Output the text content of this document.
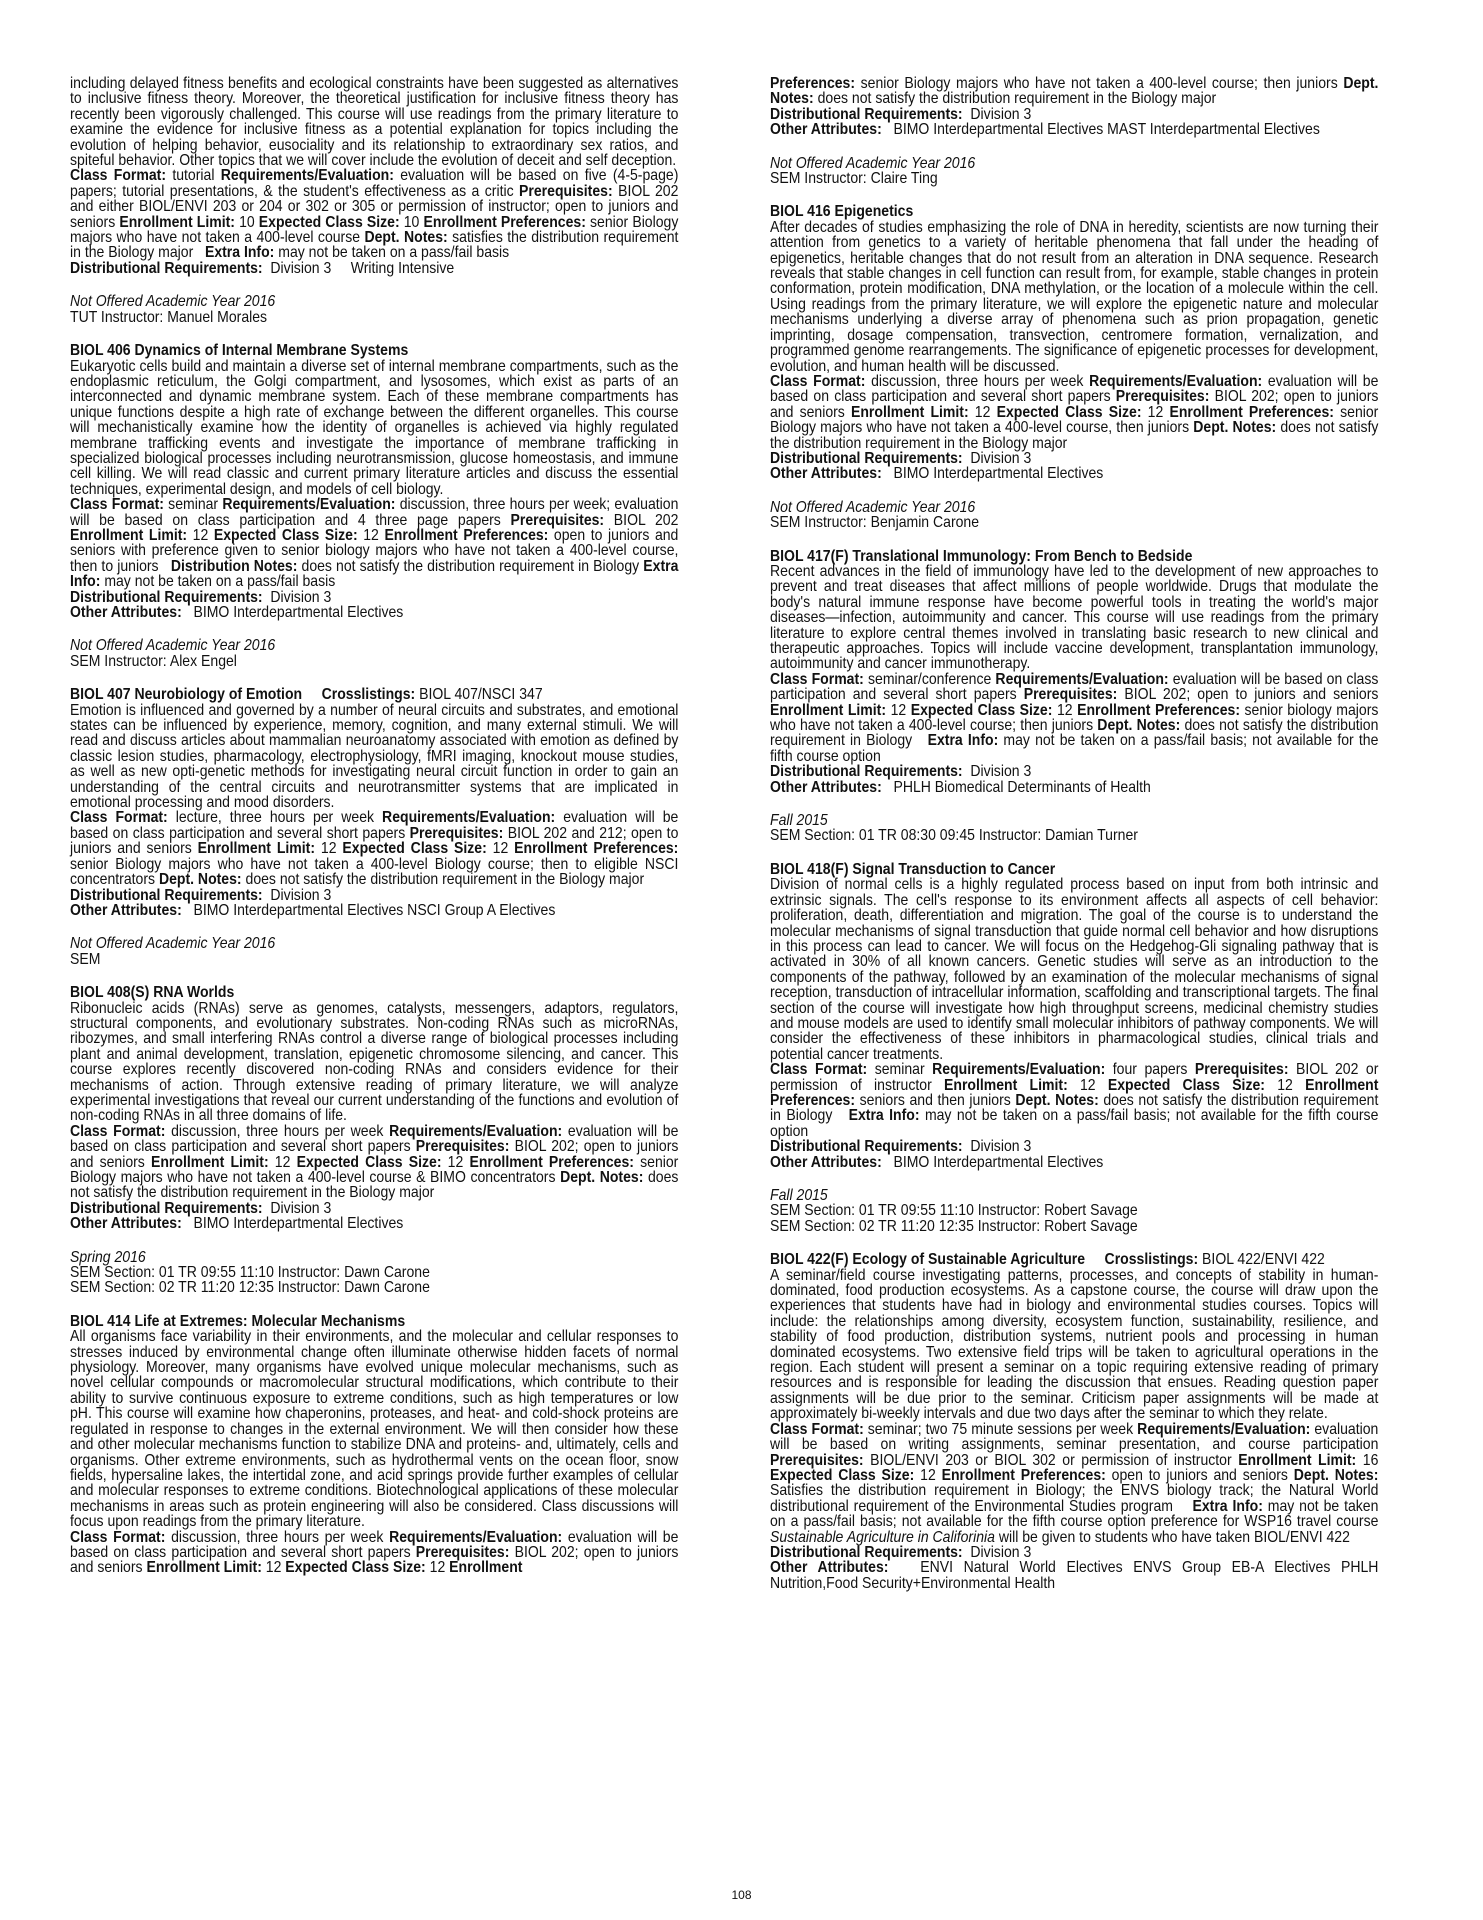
including delayed fitness benefits and ecological constraints have been suggested as alternatives to inclusive fitness theory. Moreover, the theoretical justification for inclusive fitness theory has recently been vigorously challenged. This course will use readings from the primary literature to examine the evidence for inclusive fitness as a potential explanation for topics including the evolution of helping behavior, eusociality and its relationship to extraordinary sex ratios, and spiteful behavior. Other topics that we will cover include the evolution of deceit and self deception.

Class Format: tutorial Requirements/Evaluation: evaluation will be based on five (4-5-page) papers; tutorial presentations, & the student's effectiveness as a critic Prerequisites: BIOL 202 and either BIOL/ENVI 203 or 204 or 302 or 305 or permission of instructor; open to juniors and seniors Enrollment Limit: 10 Expected Class Size: 10 Enrollment Preferences: senior Biology majors who have not taken a 400-level course Dept. Notes: satisfies the distribution requirement in the Biology major Extra Info: may not be taken on a pass/fail basis

Distributional Requirements: Division 3     Writing Intensive

Not Offered Academic Year 2016

TUT Instructor: Manuel Morales

BIOL 406 Dynamics of Internal Membrane Systems

Eukaryotic cells build and maintain a diverse set of internal membrane compartments, such as the endoplasmic reticulum, the Golgi compartment, and lysosomes, which exist as parts of an interconnected and dynamic membrane system. Each of these membrane compartments has unique functions despite a high rate of exchange between the different organelles. This course will mechanistically examine how the identity of organelles is achieved via highly regulated membrane trafficking events and investigate the importance of membrane trafficking in specialized biological processes including neurotransmission, glucose homeostasis, and immune cell killing. We will read classic and current primary literature articles and discuss the essential techniques, experimental design, and models of cell biology.

Class Format: seminar Requirements/Evaluation: discussion, three hours per week; evaluation will be based on class participation and 4 three page papers Prerequisites: BIOL 202 Enrollment Limit: 12 Expected Class Size: 12 Enrollment Preferences: open to juniors and seniors with preference given to senior biology majors who have not taken a 400-level course, then to juniors Distribution Notes: does not satisfy the distribution requirement in Biology Extra Info: may not be taken on a pass/fail basis

Distributional Requirements: Division 3

Other Attributes: BIMO Interdepartmental Electives

Not Offered Academic Year 2016

SEM Instructor: Alex Engel

BIOL 407 Neurobiology of Emotion Crosslistings: BIOL 407/NSCI 347

Emotion is influenced and governed by a number of neural circuits and substrates, and emotional states can be influenced by experience, memory, cognition, and many external stimuli. We will read and discuss articles about mammalian neuroanatomy associated with emotion as defined by classic lesion studies, pharmacology, electrophysiology, fMRI imaging, knockout mouse studies, as well as new opti-genetic methods for investigating neural circuit function in order to gain an understanding of the central circuits and neurotransmitter systems that are implicated in emotional processing and mood disorders.

Class Format: lecture, three hours per week Requirements/Evaluation: evaluation will be based on class participation and several short papers Prerequisites: BIOL 202 and 212; open to juniors and seniors Enrollment Limit: 12 Expected Class Size: 12 Enrollment Preferences: senior Biology majors who have not taken a 400-level Biology course; then to eligible NSCI concentrators Dept. Notes: does not satisfy the distribution requirement in the Biology major

Distributional Requirements: Division 3

Other Attributes: BIMO Interdepartmental Electives NSCI Group A Electives

Not Offered Academic Year 2016

SEM

BIOL 408(S) RNA Worlds

Ribonucleic acids (RNAs) serve as genomes, catalysts, messengers, adaptors, regulators, structural components, and evolutionary substrates. Non-coding RNAs such as microRNAs, ribozymes, and small interfering RNAs control a diverse range of biological processes including plant and animal development, translation, epigenetic chromosome silencing, and cancer. This course explores recently discovered non-coding RNAs and considers evidence for their mechanisms of action. Through extensive reading of primary literature, we will analyze experimental investigations that reveal our current understanding of the functions and evolution of non-coding RNAs in all three domains of life.

Class Format: discussion, three hours per week Requirements/Evaluation: evaluation will be based on class participation and several short papers Prerequisites: BIOL 202; open to juniors and seniors Enrollment Limit: 12 Expected Class Size: 12 Enrollment Preferences: senior Biology majors who have not taken a 400-level course & BIMO concentrators Dept. Notes: does not satisfy the distribution requirement in the Biology major

Distributional Requirements: Division 3

Other Attributes: BIMO Interdepartmental Electives

Spring 2016

SEM Section: 01 TR 09:55 11:10 Instructor: Dawn Carone

SEM Section: 02 TR 11:20 12:35 Instructor: Dawn Carone

BIOL 414 Life at Extremes: Molecular Mechanisms

All organisms face variability in their environments, and the molecular and cellular responses to stresses induced by environmental change often illuminate otherwise hidden facets of normal physiology. Moreover, many organisms have evolved unique molecular mechanisms, such as novel cellular compounds or macromolecular structural modifications, which contribute to their ability to survive continuous exposure to extreme conditions, such as high temperatures or low pH. This course will examine how chaperonins, proteases, and heat- and cold-shock proteins are regulated in response to changes in the external environment. We will then consider how these and other molecular mechanisms function to stabilize DNA and proteins- and, ultimately, cells and organisms. Other extreme environments, such as hydrothermal vents on the ocean floor, snow fields, hypersaline lakes, the intertidal zone, and acid springs provide further examples of cellular and molecular responses to extreme conditions. Biotechnological applications of these molecular mechanisms in areas such as protein engineering will also be considered. Class discussions will focus upon readings from the primary literature.

Class Format: discussion, three hours per week Requirements/Evaluation: evaluation will be based on class participation and several short papers Prerequisites: BIOL 202; open to juniors and seniors Enrollment Limit: 12 Expected Class Size: 12 Enrollment

Preferences: senior Biology majors who have not taken a 400-level course; then juniors Dept. Notes: does not satisfy the distribution requirement in the Biology major

Distributional Requirements: Division 3

Other Attributes: BIMO Interdepartmental Electives MAST Interdepartmental Electives

Not Offered Academic Year 2016

SEM Instructor: Claire Ting

BIOL 416 Epigenetics

After decades of studies emphasizing the role of DNA in heredity, scientists are now turning their attention from genetics to a variety of heritable phenomena that fall under the heading of epigenetics, heritable changes that do not result from an alteration in DNA sequence. Research reveals that stable changes in cell function can result from, for example, stable changes in protein conformation, protein modification, DNA methylation, or the location of a molecule within the cell. Using readings from the primary literature, we will explore the epigenetic nature and molecular mechanisms underlying a diverse array of phenomena such as prion propagation, genetic imprinting, dosage compensation, transvection, centromere formation, vernalization, and programmed genome rearrangements. The significance of epigenetic processes for development, evolution, and human health will be discussed.

Class Format: discussion, three hours per week Requirements/Evaluation: evaluation will be based on class participation and several short papers Prerequisites: BIOL 202; open to juniors and seniors Enrollment Limit: 12 Expected Class Size: 12 Enrollment Preferences: senior Biology majors who have not taken a 400-level course, then juniors Dept. Notes: does not satisfy the distribution requirement in the Biology major

Distributional Requirements: Division 3

Other Attributes: BIMO Interdepartmental Electives

Not Offered Academic Year 2016

SEM Instructor: Benjamin Carone

BIOL 417(F) Translational Immunology: From Bench to Bedside

Recent advances in the field of immunology have led to the development of new approaches to prevent and treat diseases that affect millions of people worldwide. Drugs that modulate the body's natural immune response have become powerful tools in treating the world's major diseases—infection, autoimmunity and cancer. This course will use readings from the primary literature to explore central themes involved in translating basic research to new clinical and therapeutic approaches. Topics will include vaccine development, transplantation immunology, autoimmunity and cancer immunotherapy.

Class Format: seminar/conference Requirements/Evaluation: evaluation will be based on class participation and several short papers Prerequisites: BIOL 202; open to juniors and seniors Enrollment Limit: 12 Expected Class Size: 12 Enrollment Preferences: senior biology majors who have not taken a 400-level course; then juniors Dept. Notes: does not satisfy the distribution requirement in Biology Extra Info: may not be taken on a pass/fail basis; not available for the fifth course option

Distributional Requirements: Division 3

Other Attributes: PHLH Biomedical Determinants of Health

Fall 2015

SEM Section: 01 TR 08:30 09:45 Instructor: Damian Turner

BIOL 418(F) Signal Transduction to Cancer

Division of normal cells is a highly regulated process based on input from both intrinsic and extrinsic signals. The cell's response to its environment affects all aspects of cell behavior: proliferation, death, differentiation and migration. The goal of the course is to understand the molecular mechanisms of signal transduction that guide normal cell behavior and how disruptions in this process can lead to cancer. We will focus on the Hedgehog-Gli signaling pathway that is activated in 30% of all known cancers. Genetic studies will serve as an introduction to the components of the pathway, followed by an examination of the molecular mechanisms of signal reception, transduction of intracellular information, scaffolding and transcriptional targets. The final section of the course will investigate how high throughput screens, medicinal chemistry studies and mouse models are used to identify small molecular inhibitors of pathway components. We will consider the effectiveness of these inhibitors in pharmacological studies, clinical trials and potential cancer treatments.

Class Format: seminar Requirements/Evaluation: four papers Prerequisites: BIOL 202 or permission of instructor Enrollment Limit: 12 Expected Class Size: 12 Enrollment Preferences: seniors and then juniors Dept. Notes: does not satisfy the distribution requirement in Biology Extra Info: may not be taken on a pass/fail basis; not available for the fifth course option

Distributional Requirements: Division 3

Other Attributes: BIMO Interdepartmental Electives

Fall 2015

SEM Section: 01 TR 09:55 11:10 Instructor: Robert Savage

SEM Section: 02 TR 11:20 12:35 Instructor: Robert Savage

BIOL 422(F) Ecology of Sustainable Agriculture Crosslistings: BIOL 422/ENVI 422

A seminar/field course investigating patterns, processes, and concepts of stability in human-dominated, food production ecosystems. As a capstone course, the course will draw upon the experiences that students have had in biology and environmental studies courses. Topics will include: the relationships among diversity, ecosystem function, sustainability, resilience, and stability of food production, distribution systems, nutrient pools and processing in human dominated ecosystems. Two extensive field trips will be taken to agricultural operations in the region. Each student will present a seminar on a topic requiring extensive reading of primary resources and is responsible for leading the discussion that ensues. Reading question paper assignments will be due prior to the seminar. Criticism paper assignments will be made at approximately bi-weekly intervals and due two days after the seminar to which they relate.

Class Format: seminar; two 75 minute sessions per week Requirements/Evaluation: evaluation will be based on writing assignments, seminar presentation, and course participation Prerequisites: BIOL/ENVI 203 or BIOL 302 or permission of instructor Enrollment Limit: 16 Expected Class Size: 12 Enrollment Preferences: open to juniors and seniors Dept. Notes: Satisfies the distribution requirement in Biology; the ENVS biology track; the Natural World distributional requirement of the Environmental Studies program Extra Info: may not be taken on a pass/fail basis; not available for the fifth course option preference for WSP16 travel course Sustainable Agriculture in Califorinia will be given to students who have taken BIOL/ENVI 422

Distributional Requirements: Division 3

Other Attributes: ENVI Natural World Electives ENVS Group EB-A Electives PHLH Nutrition,Food Security+Environmental Health

108
